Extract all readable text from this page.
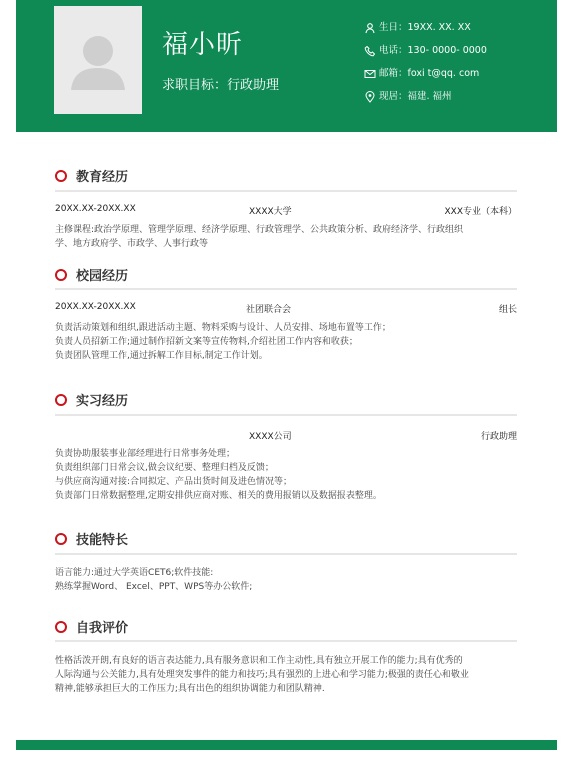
福小昕
求职目标：行政助理
生日：19XX. XX. XX
电话：130- 0000- 0000
邮箱：foxi t@qq. com
现居：福建. 福州
教育经历
20XX.XX-20XX.XX	XXXX大学	XXX专业（本科）
主修课程:政治学原理、管理学原理、经济学原理、行政管理学、公共政策分析、政府经济学、行政组织
学、地方政府学、市政学、人事行政等
校园经历
20XX.XX-20XX.XX	社团联合会	组长
负责活动策划和组织,跟进活动主题、物料采购与设计、人员安排、场地布置等工作；
负责人员招新工作;通过制作招新文案等宣传物料,介绍社团工作内容和收获；
负责团队管理工作,通过拆解工作目标,制定工作计划。
实习经历
XXXX公司	行政助理
负责协助服装事业部经理进行日常事务处理；
负责组织部门日常会议,做会议纪要、整理归档及反馈；
与供应商沟通对接:合同拟定、产品出货时间及进色情况等；
负责部门日常数据整理,定期安排供应商对账、相关的费用报销以及数据报表整理。
技能特长
语言能力:通过大学英语CET6;软件技能:
熟练掌握Word、 Excel、PPT、WPS等办公软件;
自我评价
性格活泼开朗,有良好的语言表达能力,具有服务意识和工作主动性,具有独立开展工作的能力;具有优秀的
人际沟通与公关能力,具有处理突发事件的能力和技巧;具有强烈的上进心和学习能力;极强的责任心和敬业
精神,能够承担巨大的工作压力;具有出色的组织协调能力和团队精神.
